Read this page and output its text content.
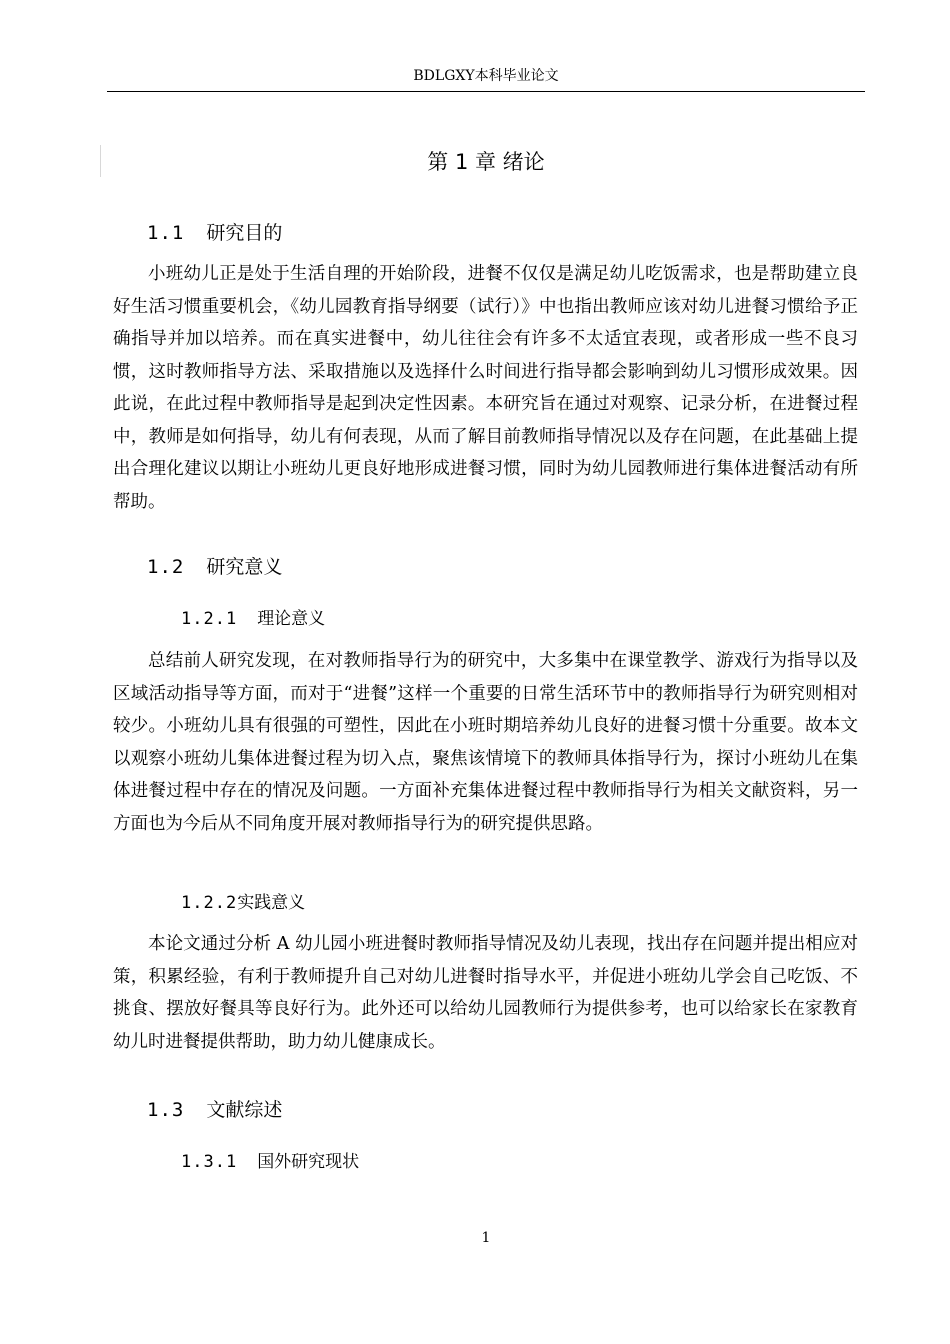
BDLGXY本科毕业论文
第 1 章 绪论
1.1 研究目的

小班幼儿正是处于生活自理的开始阶段，进餐不仅仅是满足幼儿吃饭需求，也是帮助建立良好生活习惯重要机会，《幼儿园教育指导纲要（试行）》中也指出教师应该对幼儿进餐习惯给予正确指导并加以培养。而在真实进餐中，幼儿往往会有许多不太适宜表现，或者形成一些不良习惯，这时教师指导方法、采取措施以及选择什么时间进行指导都会影响到幼儿习惯形成效果。因此说，在此过程中教师指导是起到决定性因素。本研究旨在通过对观察、记录分析，在进餐过程中，教师是如何指导，幼儿有何表现，从而了解目前教师指导情况以及存在问题，在此基础上提出合理化建议以期让小班幼儿更良好地形成进餐习惯，同时为幼儿园教师进行集体进餐活动有所帮助。

1.2 研究意义
1.2.1 理论意义

总结前人研究发现，在对教师指导行为的研究中，大多集中在课堂教学、游戏行为指导以及区域活动指导等方面，而对于“进餐”这样一个重要的日常生活环节中的教师指导行为研究则相对较少。小班幼儿具有很强的可塑性，因此在小班时期培养幼儿良好的进餐习惯十分重要。故本文以观察小班幼儿集体进餐过程为切入点，聚焦该情境下的教师具体指导行为，探讨小班幼儿在集体进餐过程中存在的情况及问题。一方面补充集体进餐过程中教师指导行为相关文献资料，另一方面也为今后从不同角度开展对教师指导行为的研究提供思路。

1.2.2实践意义

本论文通过分析 A 幼儿园小班进餐时教师指导情况及幼儿表现，找出存在问题并提出相应对策，积累经验，有利于教师提升自己对幼儿进餐时指导水平，并促进小班幼儿学会自己吃饭、不挑食、摆放好餐具等良好行为。此外还可以给幼儿园教师行为提供参考，也可以给家长在家教育幼儿时进餐提供帮助，助力幼儿健康成长。

1.3 文献综述
1.3.1 国外研究现状
1
